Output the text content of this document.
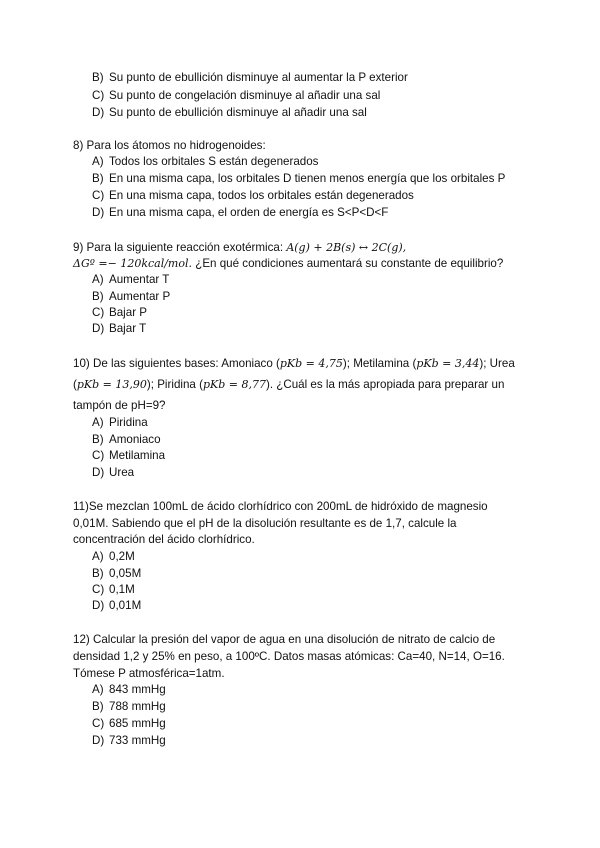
B) Su punto de ebullición disminuye al aumentar la P exterior
C) Su punto de congelación disminuye al añadir una sal
D) Su punto de ebullición disminuye al añadir una sal
8) Para los átomos no hidrogenoides:
A) Todos los orbitales S están degenerados
B) En una misma capa, los orbitales D tienen menos energía que los orbitales P
C) En una misma capa, todos los orbitales están degenerados
D) En una misma capa, el orden de energía es S<P<D<F
9) Para la siguiente reacción exotérmica: A(g) + 2B(s) ↔ 2C(g),
ΔGº =− 120kcal/mol. ¿En qué condiciones aumentará su constante de equilibrio?
A) Aumentar T
B) Aumentar P
C) Bajar P
D) Bajar T
10) De las siguientes bases: Amoniaco (pKb = 4,75); Metilamina (pKb = 3,44); Urea
(pKb = 13,90); Piridina (pKb = 8,77). ¿Cuál es la más apropiada para preparar un
tampón de pH=9?
A) Piridina
B) Amoniaco
C) Metilamina
D) Urea
11)Se mezclan 100mL de ácido clorhídrico con 200mL de hidróxido de magnesio
0,01M. Sabiendo que el pH de la disolución resultante es de 1,7, calcule la
concentración del ácido clorhídrico.
A) 0,2M
B) 0,05M
C) 0,1M
D) 0,01M
12) Calcular la presión del vapor de agua en una disolución de nitrato de calcio de
densidad 1,2 y 25% en peso, a 100ºC. Datos masas atómicas: Ca=40, N=14, O=16.
Tómese P atmosférica=1atm.
A) 843 mmHg
B) 788 mmHg
C) 685 mmHg
D) 733 mmHg
